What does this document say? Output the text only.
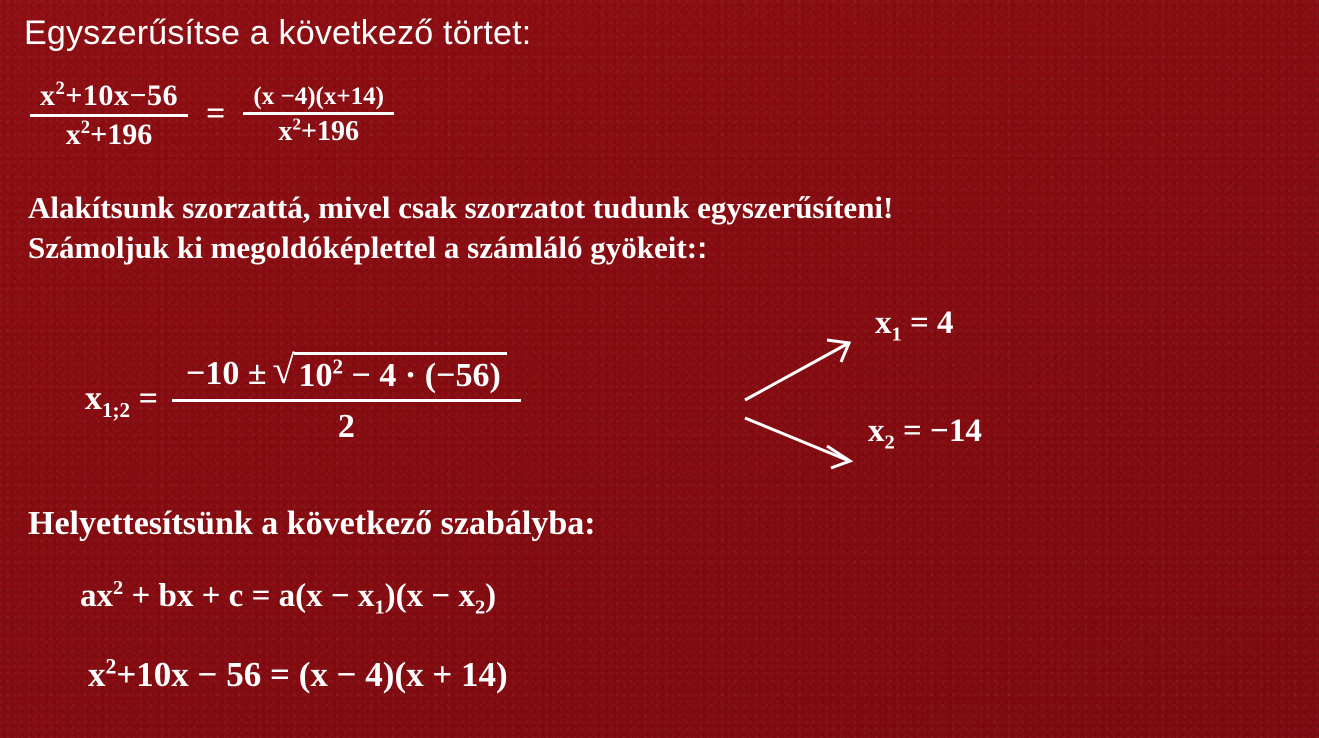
Egyszerűsítse a következő törtet:
$\frac{x^2+10x-56}{x^2+196} = \frac{(x -4)(x+14)}{x^2+196}$
Alakítsunk szorzattá, mivel csak szorzatot tudunk egyszerűsíteni!
Számoljuk ki megoldóképlettel a számláló gyökeit::
$x_{1;2}$ =
−10 ± √ $10^2 - 4 \cdot (-56)$
2
$x_1 = 4$
$x_2 = -14$
Helyettesítsünk a következő szabályba:
$ax^2$ + bx + $c = a(x - x_1)(x - x_2)$
$x^2+10x - 56 = (x - 4)(x + 14)$
